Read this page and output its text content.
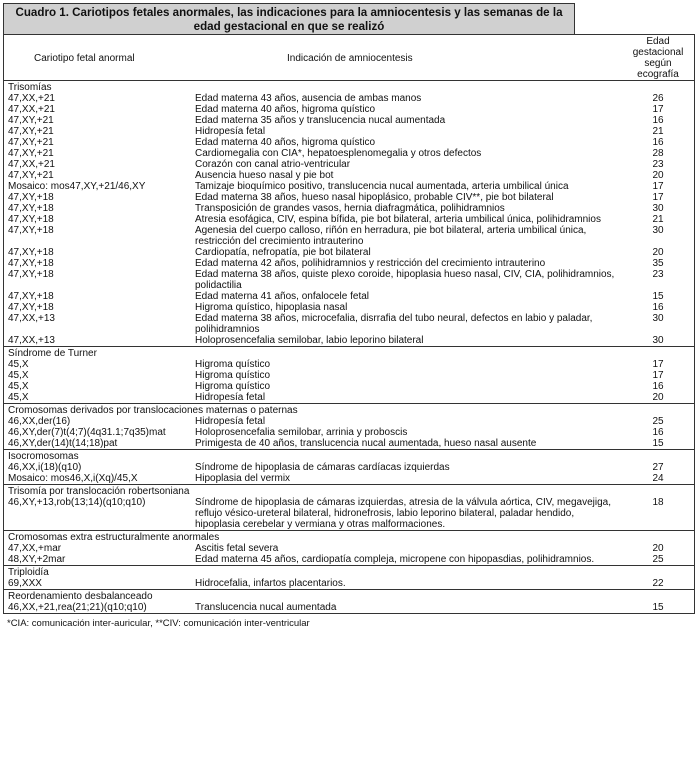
Cuadro 1. Cariotipos fetales anormales, las indicaciones para la amniocentesis y las semanas de la edad gestacional en que se realizó
Cariotipo fetal anormal	Indicación de amniocentesis	Edad gestacional según ecografía
Trisomías		
47,XX,+21	Edad materna 43 años, ausencia de ambas manos	26
47,XX,+21	Edad materna 40 años, higroma quístico	17
47,XY,+21	Edad materna 35 años y translucencia nucal aumentada	16
47,XY,+21	Hidropesía fetal	21
47,XY,+21	Edad materna 40 años, higroma quístico	16
47,XY,+21	Cardiomegalia con CIA*, hepatoesplenomegalia y otros defectos	28
47,XX,+21	Corazón con canal atrio-ventricular	23
47,XY,+21	Ausencia hueso nasal y pie bot	20
Mosaico: mos47,XY,+21/46,XY	Tamizaje bioquímico positivo, translucencia nucal aumentada, arteria umbilical única	17
47,XY,+18	Edad materna 38 años, hueso nasal hipoplásico, probable CIV**, pie bot bilateral	17
47,XY,+18	Transposición de grandes vasos, hernia diafragmática, polihidramnios	30
47,XY,+18	Atresia esofágica, CIV, espina bífida, pie bot bilateral, arteria umbilical única, polihidramnios	21
47,XY,+18	Agenesia del cuerpo calloso, riñón en herradura, pie bot bilateral, arteria umbilical única, restricción del crecimiento intrauterino	30
47,XY,+18	Cardiopatía, nefropatía, pie bot bilateral	20
47,XY,+18	Edad materna 42 años, polihidramnios y restricción del crecimiento intrauterino	35
47,XY,+18	Edad materna 38 años, quiste plexo coroide, hipoplasia hueso nasal, CIV, CIA, polihidramnios, polidactilia	23
47,XY,+18	Edad materna 41 años, onfalocele fetal	15
47,XY,+18	Higroma quístico, hipoplasia nasal	16
47,XX,+13	Edad materna 38 años, microcefalia, disrrafia del tubo neural, defectos en labio y paladar, polihidramnios	30
47,XX,+13	Holoprosencefalia semilobar, labio leporino bilateral	30
Síndrome de Turner		
45,X	Higroma quístico	17
45,X	Higroma quístico	17
45,X	Higroma quístico	16
45,X	Hidropesía fetal	20
Cromosomas derivados por translocaciones maternas o paternas		
46,XX,der(16)	Hidropesía fetal	25
46,XY,der(7)t(4;7)(4q31.1;7q35)mat	Holoprosencefalia semilobar, arrinia y proboscis	16
46,XY,der(14)t(14;18)pat	Primigesta de 40 años, translucencia nucal aumentada, hueso nasal ausente	15
Isocromosomas		
46,XX,i(18)(q10)	Síndrome de hipoplasia de cámaras cardíacas izquierdas	27
Mosaico: mos46,X,i(Xq)/45,X	Hipoplasia del vermix	24
Trisomía por translocación robertsoniana		
46,XY,+13,rob(13;14)(q10;q10)	Síndrome de hipoplasia de cámaras izquierdas, atresia de la válvula aórtica, CIV, megavejiga, reflujo vésico-ureteral bilateral, hidronefrosis, labio leporino bilateral, paladar hendido, hipoplasia cerebelar y vermiana y otras malformaciones.	18
Cromosomas extra estructuralmente anormales		
47,XX,+mar	Ascitis fetal severa	20
48,XY,+2mar	Edad materna 45 años, cardiopatía compleja, micropene con hipopasdias, polihidramnios.	25
Triploidía		
69,XXX	Hidrocefalia, infartos placentarios.	22
Reordenamiento desbalanceado		
46,XX,+21,rea(21;21)(q10;q10)	Translucencia nucal aumentada	15
*CIA: comunicación inter-auricular, **CIV: comunicación inter-ventricular
